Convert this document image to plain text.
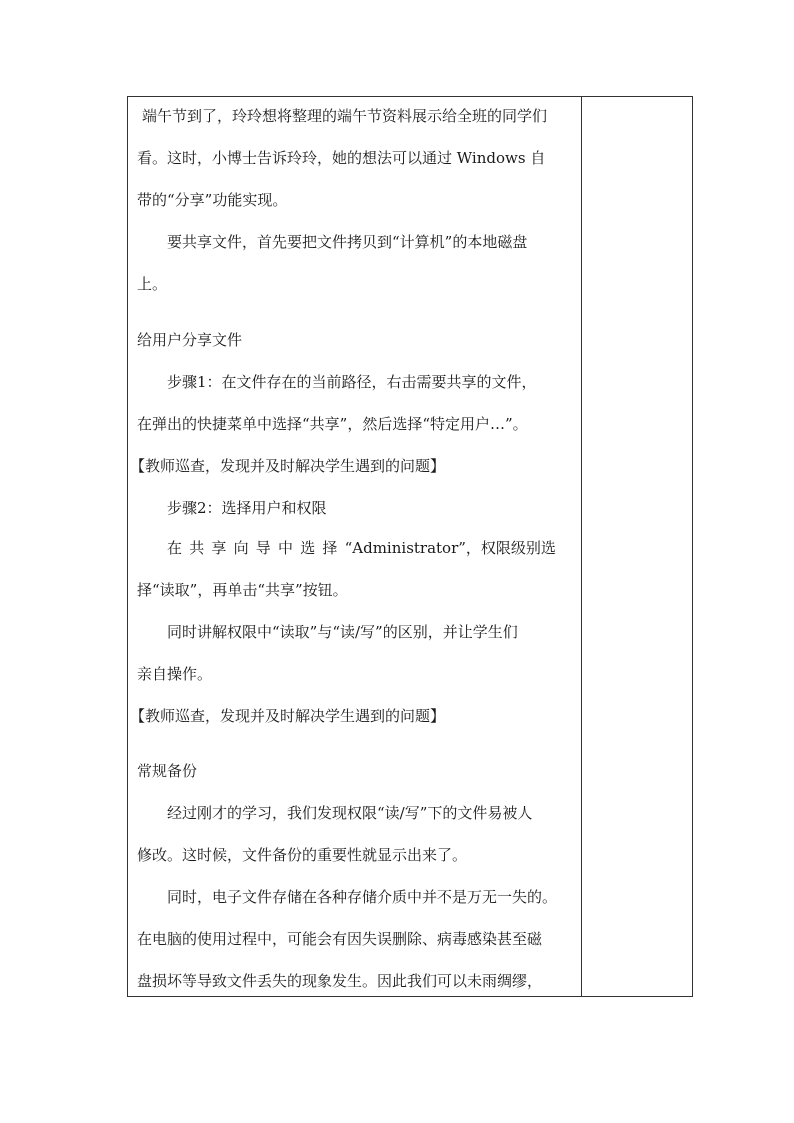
端午节到了，玲玲想将整理的端午节资料展示给全班的同学们
看。这时，小博士告诉玲玲，她的想法可以通过 Windows 自
带的“分享”功能实现。
要共享文件，首先要把文件拷贝到“计算机”的本地磁盘
上。
给用户分享文件
步骤1：在文件存在的当前路径，右击需要共享的文件，
在弹出的快捷菜单中选择“共享”，然后选择“特定用户…”。
【教师巡查，发现并及时解决学生遇到的问题】
步骤2：选择用户和权限
在共享向导中选择“Administrator”，权限级别选
择“读取”，再单击“共享”按钮。
同时讲解权限中“读取”与“读/写”的区别，并让学生们
亲自操作。
【教师巡查，发现并及时解决学生遇到的问题】
常规备份
经过刚才的学习，我们发现权限“读/写”下的文件易被人
修改。这时候，文件备份的重要性就显示出来了。
同时，电子文件存储在各种存储介质中并不是万无一失的。
在电脑的使用过程中，可能会有因失误删除、病毒感染甚至磁
盘损坏等导致文件丢失的现象发生。因此我们可以未雨绸缪，
